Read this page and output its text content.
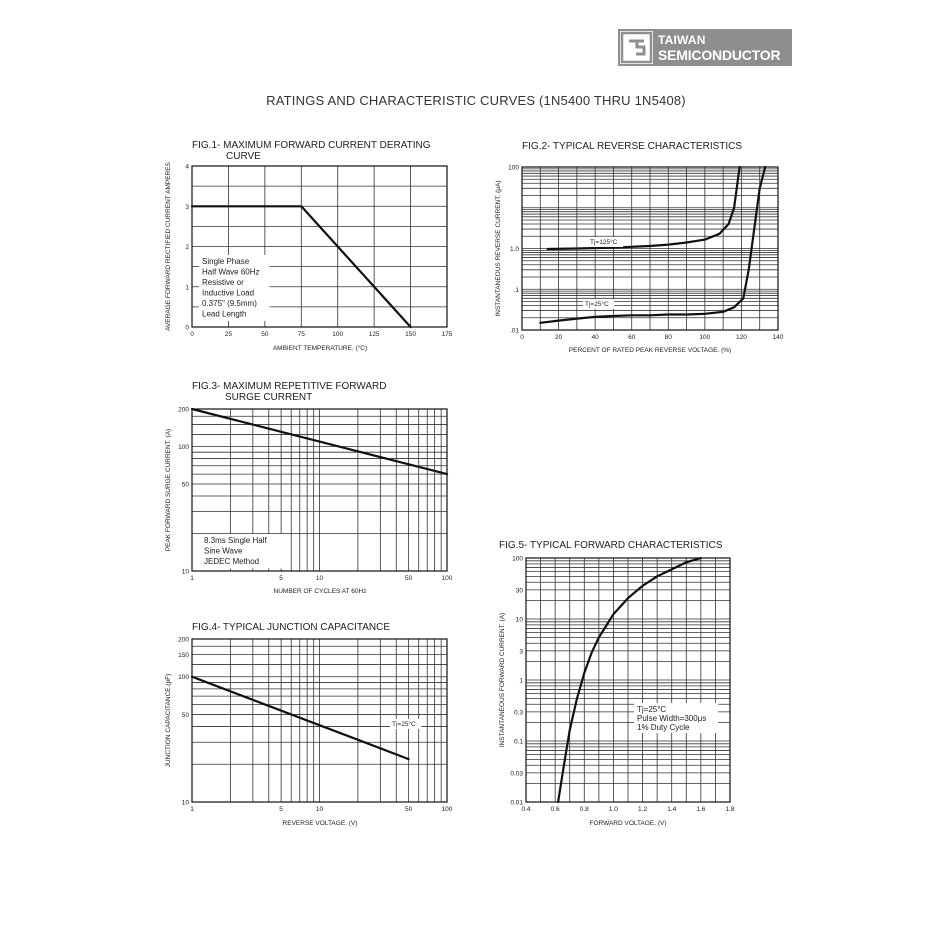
TAIWAN
SEMICONDUCTOR
RATINGS AND CHARACTERISTIC CURVES (1N5400 THRU 1N5408)
FIG.1- MAXIMUM FORWARD CURRENT DERATING
CURVE
0	25	50	75	100	125	150	175
0
1
2
3
4
AMBIENT TEMPERATURE. (°C)
AVERAGE FORWARD RECTIFIED CURRENT AMPERES	Single Phase
Half Wave 60Hz
Resistive or
Inductive Load
0.375" (9.5mm)
Lead Length
FIG.2- TYPICAL REVERSE CHARACTERISTICS
0	20	40	60	80	100	120	140
.01
.1
1.0
100
PERCENT OF RATED PEAK REVERSE VOLTAGE. (%)
INSTANTANEOUS REVERSE CURRENT. (μA)	Tj=125°C
Tj=25°C
FIG.3- MAXIMUM REPETITIVE FORWARD
SURGE CURRENT
1	5	10	50	100
10
50
100
200
NUMBER OF CYCLES AT 60Hz
PEAK FORWARD SURGE CURRENT. (A)	8.3ms Single Half
Sine Wave
JEDEC Method
FIG.4- TYPICAL JUNCTION CAPACITANCE
1	5	10	50	100
10
50
100
150
200
REVERSE VOLTAGE. (V)
JUNCTION CAPACITANCE.(pF)	Tj=25°C
FIG.5- TYPICAL FORWARD CHARACTERISTICS
0.4	0.6	0.8	1.0	1.2	1.4	1.6	1.8
0.01
0.03
0.1
0.3
1
3
10
30
100
FORWARD VOLTAGE. (V)
INSTANTANEOUS FORWARD CURRENT. (A)	Tj=25°C
Pulse Width=300μs
1% Duty Cycle
